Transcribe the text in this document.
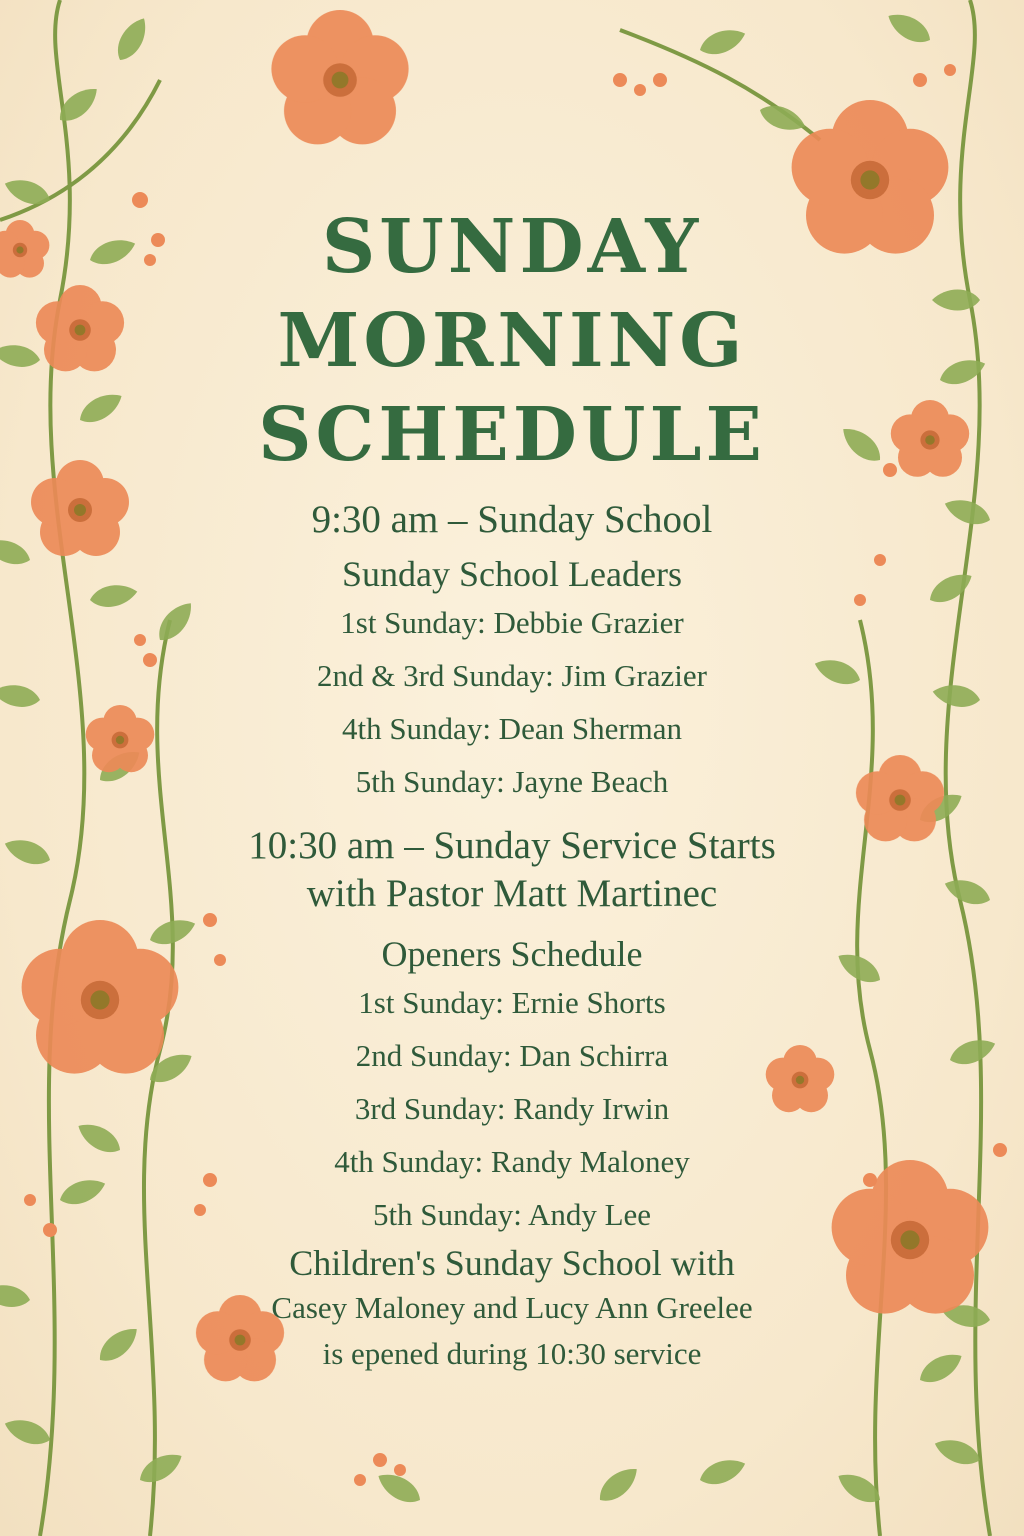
SUNDAY
MORNING
SCHEDULE

9:30 am – Sunday School

Sunday School Leaders

1st Sunday: Debbie Grazier

2nd & 3rd Sunday: Jim Grazier

4th Sunday: Dean Sherman

5th Sunday: Jayne Beach

10:30 am – Sunday Service Starts

with Pastor Matt Martinec

Openers Schedule

1st Sunday: Ernie Shorts

2nd Sunday: Dan Schirra

3rd Sunday: Randy Irwin

4th Sunday: Randy Maloney

5th Sunday: Andy Lee

Children's Sunday School with

Casey Maloney and Lucy Ann Greelee

is epened during 10:30 service
